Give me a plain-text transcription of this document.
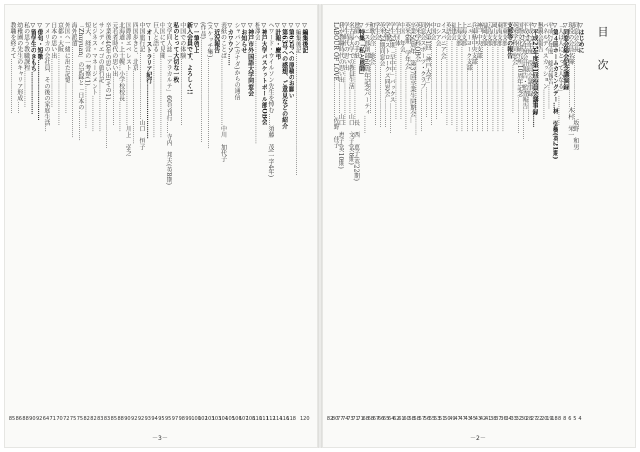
▽編集後記
120
▽編集後記……………………………………………………
▽第65号への原稿のお願い
118
▽第63号への感想、ご意見などの紹介
116
▽計報・慶弔
114
ヘワード・ウイルソン先生を悼む……須藤　茂(一字4年)
112
▽神戸大学バスケットボール部OB会
111
相澤会……………………………………………
110
▽神戸市外国語大学同窓会
108
▽お知らせ
107
シャパン(カナダ)からの通信
106
▽カワウソ……
105
表紙のことば……………………………中川　加代子
104
▽近況報告
103
(スケッチ集)………………………………………
103
(作品)……………………………………………
102
▽一筆啓上
100
新入会員です、よろしく!!
99
中国での体験……………………………
98
私のとって大切な一枚
97
文学同人誌「アラカルテ」60号刊行……寺内　邦夫(英8期)
95
中国にて見聞…………………………………
95
巨人と語る……………………………………
94
▽オーストラリア紀行………………………
93
中国旅行記……………………………山口　恒子
92
四国歩きと、北京………………………………
92
国際派エベレスト………………………川上　弘之
90
北海道・上士幌…小学校校長……………
88
元若者時代の思い出……………………
85
卒業後40年の思い出(その1)……………………
83
サンディエゴの旅行記……………………
83
ビジネス・マネージメント………………
82
短大、経営の一考察(1)…………………
82
「Zhuyuan」の記録と「日本の……………
75
海外派遣………………………………………
75
外国へ一緒に出た記憶……………
72
京都・大阪………………………………
70
日本の思い出……………………
71
アメリカの会社員、その後の家庭生活…
64
▽俳句・短歌…………………………
92
▽留学生のきもち…………………
90
私の思う教職課程………………
88
幼稚園の先生のキャリア形成……
86
教職を終えて………………………
85
－3－
目次
▽はじめに
4
同窓会会長……………………………坂野　和男
5
現役の会員名簿…………………木村　栄一
6
▽同窓会総会記念講演録
8
「人は人にとって人なる」……………
8
▽第４回ホームカミングデー…林　弘樹(英21期)
18
平成25年度　総会報告…………
19
パネルディスカッション……………
20
懇親会報告……………………
22
▽平成25年度第1回役員会議事録……
27
平成25年度　役員会議事録…………
28
平成25年度会計報告・監査報告……………
30
国際文化研究所10周年記念………………
32
英米学科同窓会……………………
33
支部等の報告
34
関東支部……………………………………
36
東海支部……………………………………
37
岡山支部……………………………………
38
広島支部……………………………………
41
福岡支部……………………………………
42
神戸中央支部………………………………
43
兵庫県中央支部……………………………
45
ニューヨーク支部…………………………
43
上海支部……………………………………
47
上海支部……………………………………
47
福建会……………………………………
49
英語会……………………………………
50
イスパニア会………………………
51
ロシア会………………………………
53
中国会……………………………………
55
外大第1回「神戸大学」……………
56
同窓会スポーツ・クラブ…………………
57
英米学科OB会………………………………
58
卒業50周年　第37回卒業生同期会…
58
英米6期　学年会…………………………
60
中国　年会……………………………
61
学生団体………………………………
62
学生24期「早中中」バックス……………
64
学20期ストロークス同窓会……………
65
英米24期同窓会…………………………
66
学生会……………………………………
67
和歌会合　総会……………………
68
テニス部創部60周年記念パーティ………
68
▽特集「私と恩師」
71
恩師への手紙…………………………長　西　恵子(英22期)
71
名古屋大学での教員生活…………山口　文子(英8期)
73
学生時代の思い出………………………
74
我が教職時代の思い出……………山口　恵子(英10期)
77
LABOUR OF LOVE………………佐野　佳子
80
82
－2－
